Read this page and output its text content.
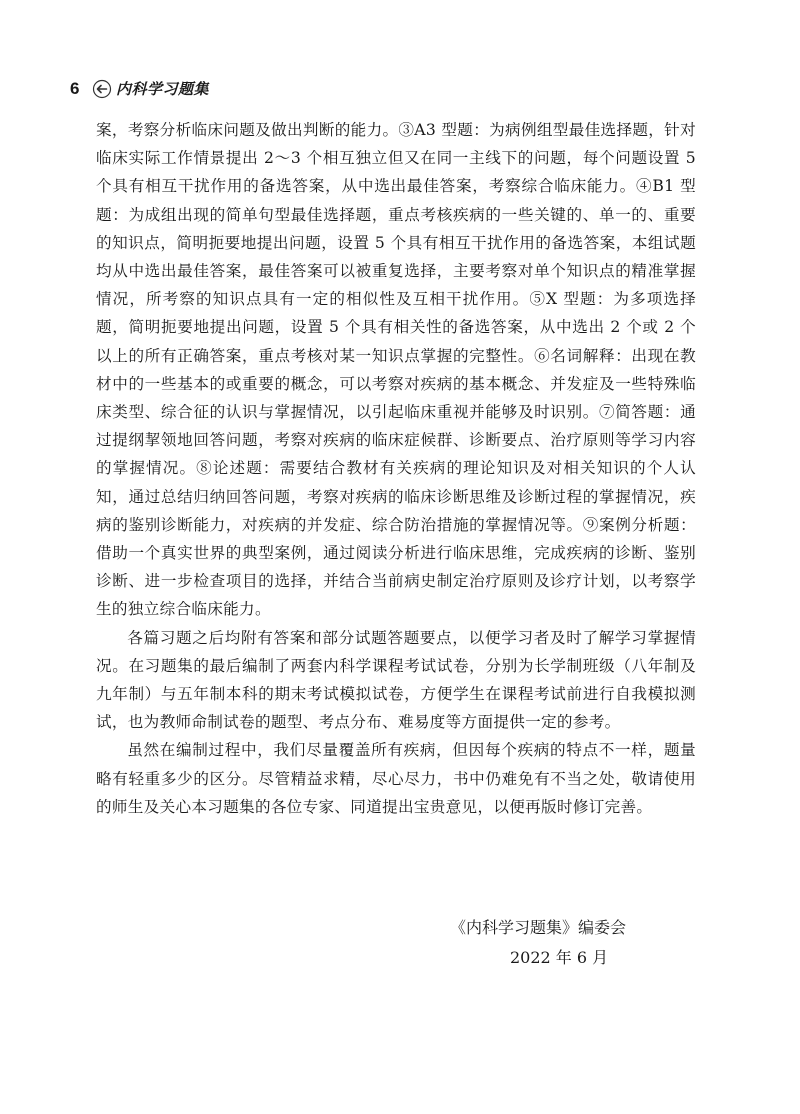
6	内科学习题集

案，考察分析临床问题及做出判断的能力。③A3 型题：为病例组型最佳选择题，针对临床实际工作情景提出 2～3 个相互独立但又在同一主线下的问题，每个问题设置 5 个具有相互干扰作用的备选答案，从中选出最佳答案，考察综合临床能力。④B1 型题：为成组出现的简单句型最佳选择题，重点考核疾病的一些关键的、单一的、重要的知识点，简明扼要地提出问题，设置 5 个具有相互干扰作用的备选答案，本组试题均从中选出最佳答案，最佳答案可以被重复选择，主要考察对单个知识点的精准掌握情况，所考察的知识点具有一定的相似性及互相干扰作用。⑤X 型题：为多项选择题，简明扼要地提出问题，设置 5 个具有相关性的备选答案，从中选出 2 个或 2 个以上的所有正确答案，重点考核对某一知识点掌握的完整性。⑥名词解释：出现在教材中的一些基本的或重要的概念，可以考察对疾病的基本概念、并发症及一些特殊临床类型、综合征的认识与掌握情况，以引起临床重视并能够及时识别。⑦简答题：通过提纲挈领地回答问题，考察对疾病的临床症候群、诊断要点、治疗原则等学习内容的掌握情况。⑧论述题：需要结合教材有关疾病的理论知识及对相关知识的个人认知，通过总结归纳回答问题，考察对疾病的临床诊断思维及诊断过程的掌握情况，疾病的鉴别诊断能力，对疾病的并发症、综合防治措施的掌握情况等。⑨案例分析题：借助一个真实世界的典型案例，通过阅读分析进行临床思维，完成疾病的诊断、鉴别诊断、进一步检查项目的选择，并结合当前病史制定治疗原则及诊疗计划，以考察学生的独立综合临床能力。

各篇习题之后均附有答案和部分试题答题要点，以便学习者及时了解学习掌握情况。在习题集的最后编制了两套内科学课程考试试卷，分别为长学制班级（八年制及九年制）与五年制本科的期末考试模拟试卷，方便学生在课程考试前进行自我模拟测试，也为教师命制试卷的题型、考点分布、难易度等方面提供一定的参考。

虽然在编制过程中，我们尽量覆盖所有疾病，但因每个疾病的特点不一样，题量略有轻重多少的区分。尽管精益求精，尽心尽力，书中仍难免有不当之处，敬请使用的师生及关心本习题集的各位专家、同道提出宝贵意见，以便再版时修订完善。

《内科学习题集》编委会
2022 年 6 月
